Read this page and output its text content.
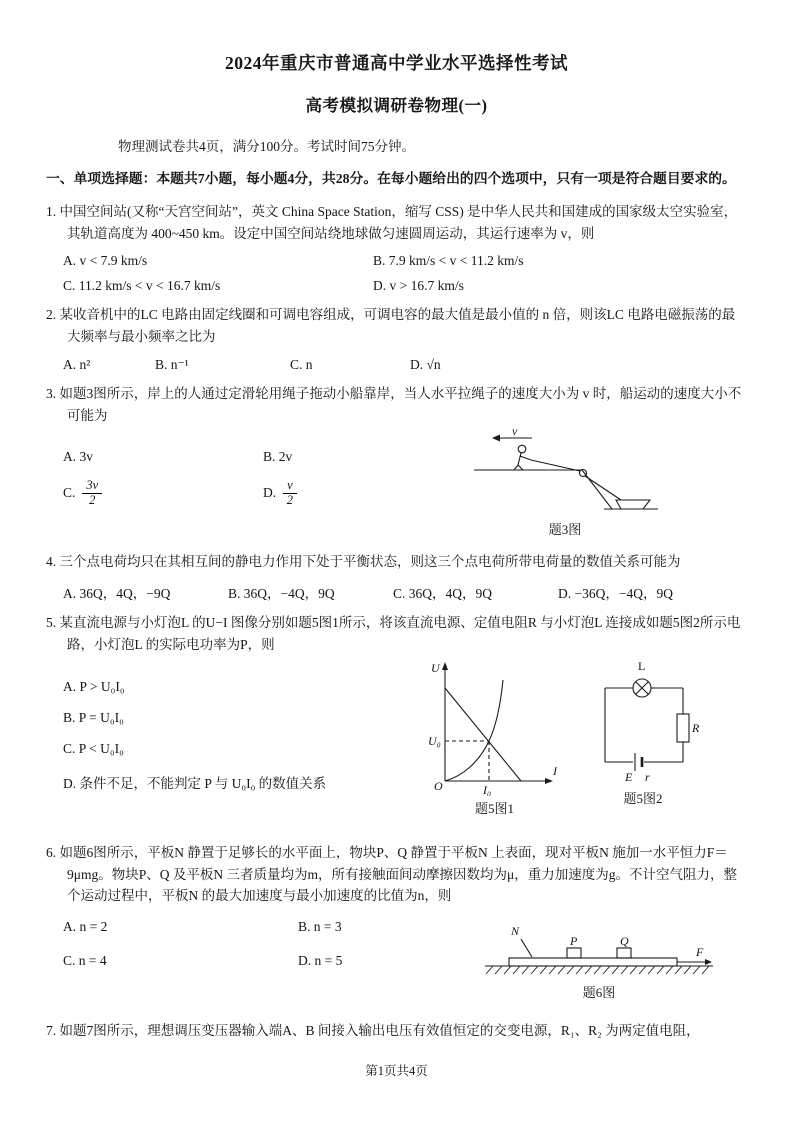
2024年重庆市普通高中学业水平选择性考试
高考模拟调研卷物理(一)

物理测试卷共4页，满分100分。考试时间75分钟。

一、单项选择题：本题共7小题，每小题4分，共28分。在每小题给出的四个选项中，只有一项是符合题目要求的。

1. 中国空间站(又称“天宫空间站”，英文 China Space Station，缩写 CSS) 是中华人民共和国建成的国家级太空实验室，其轨道高度为 400~450 km。设定中国空间站绕地球做匀速圆周运动，其运行速率为 v，则

A. v < 7.9 km/s	B. 7.9 km/s < v < 11.2 km/s
C. 11.2 km/s < v < 16.7 km/s	D. v > 16.7 km/s

2. 某收音机中的LC 电路由固定线圈和可调电容组成，可调电容的最大值是最小值的 n 倍，则该LC 电路电磁振荡的最大频率与最小频率之比为

A. n²	B. n⁻¹	C. n	D. √n

3. 如题3图所示，岸上的人通过定滑轮用绳子拖动小船靠岸，当人水平拉绳子的速度大小为 v 时，船运动的速度大小不可能为

A. 3v	B. 2v
C. $\frac{3v}{2}$	D. $\frac{v}{2}$
v
题3图

4. 三个点电荷均只在其相互间的静电力作用下处于平衡状态，则这三个点电荷所带电荷量的数值关系可能为

A. 36Q，4Q，−9Q	B. 36Q，−4Q，9Q	C. 36Q，4Q，9Q	D. −36Q，−4Q，9Q

5. 某直流电源与小灯泡L 的U−I 图像分别如题5图1所示，将该直流电源、定值电阻R 与小灯泡L 连接成如题5图2所示电路，小灯泡L 的实际电功率为P，则

A. P > U₀I₀

B. P = U₀I₀

C. P < U₀I₀

D. 条件不足，不能判定 P 与 U₀I₀ 的数值关系

U
I
O
U₀
I₀
题5图1
L
R
E r
题5图2

6. 如题6图所示，平板N 静置于足够长的水平面上，物块P、Q 静置于平板N 上表面，现对平板N 施加一水平恒力F＝9μmg。物块P、Q 及平板N 三者质量均为m，所有接触面间动摩擦因数均为μ，重力加速度为g。不计空气阻力，整个运动过程中，平板N 的最大加速度与最小加速度的比值为n，则

A. n = 2	B. n = 3
C. n = 4	D. n = 5
N
P	Q
F
题6图

7. 如题7图所示，理想调压变压器输入端A、B 间接入输出电压有效值恒定的交变电源，R₁、R₂ 为两定值电阻，

第1页共4页
